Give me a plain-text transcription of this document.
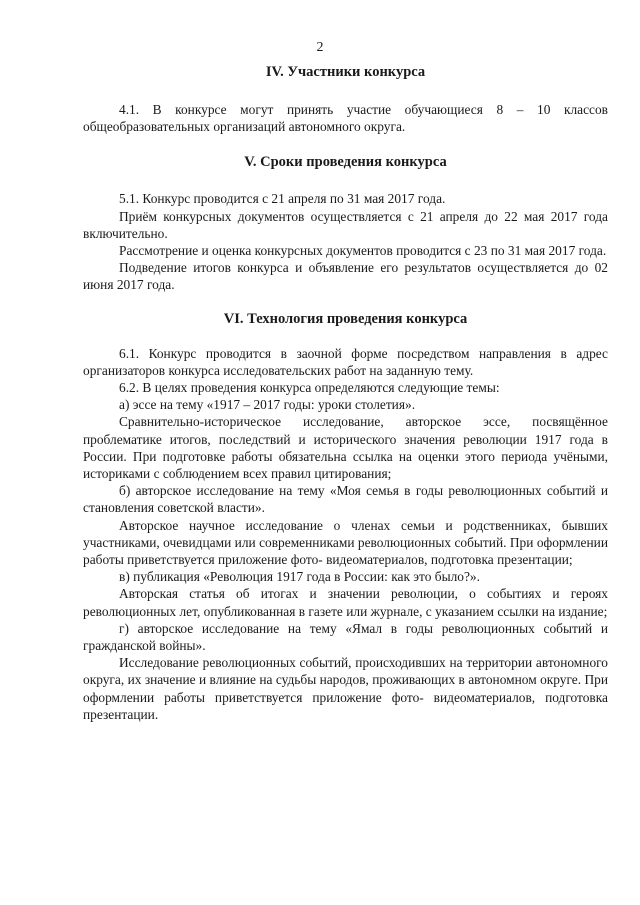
2
IV. Участники конкурса

4.1. В конкурсе могут принять участие обучающиеся 8 – 10 классов общеобразовательных организаций автономного округа.

V. Сроки проведения конкурса

5.1. Конкурс проводится с 21 апреля по 31 мая 2017 года.

Приём конкурсных документов осуществляется с 21 апреля до 22 мая 2017 года включительно.

Рассмотрение и оценка конкурсных документов проводится с 23 по 31 мая 2017 года.

Подведение итогов конкурса и объявление его результатов осуществляется до 02 июня 2017 года.

VI. Технология проведения конкурса

6.1. Конкурс проводится в заочной форме посредством направления в адрес организаторов конкурса исследовательских работ на заданную тему.

6.2. В целях проведения конкурса определяются следующие темы:

а) эссе на тему «1917 – 2017 годы: уроки столетия».

Сравнительно-историческое исследование, авторское эссе, посвящённое проблематике итогов, последствий и исторического значения революции 1917 года в России. При подготовке работы обязательна ссылка на оценки этого периода учёными, историками с соблюдением всех правил цитирования;

б) авторское исследование на тему «Моя семья в годы революционных событий и становления советской власти».

Авторское научное исследование о членах семьи и родственниках, бывших участниками, очевидцами или современниками революционных событий. При оформлении работы приветствуется приложение фото- видеоматериалов, подготовка презентации;

в) публикация «Революция 1917 года в России: как это было?».

Авторская статья об итогах и значении революции, о событиях и героях революционных лет, опубликованная в газете или журнале, с указанием ссылки на издание;

г) авторское исследование на тему «Ямал в годы революционных событий и гражданской войны».

Исследование революционных событий, происходивших на территории автономного округа, их значение и влияние на судьбы народов, проживающих в автономном округе. При оформлении работы приветствуется приложение фото- видеоматериалов, подготовка презентации.
